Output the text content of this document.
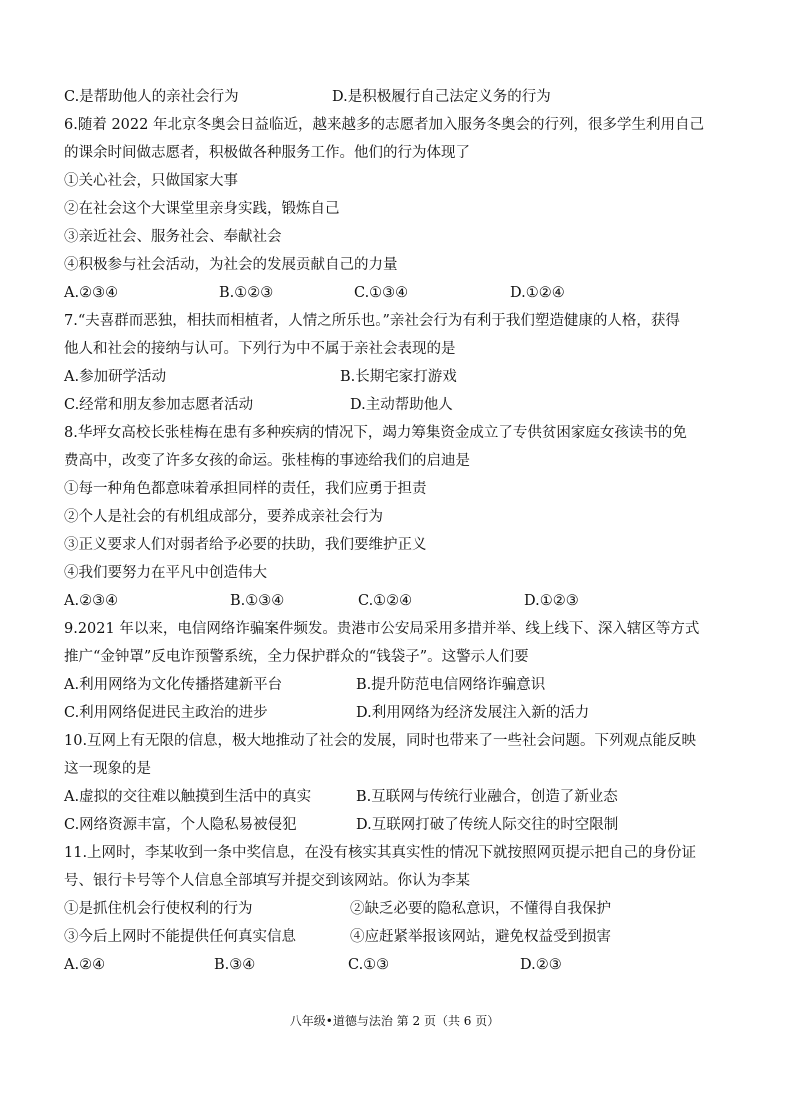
C.是帮助他人的亲社会行为	D.是积极履行自己法定义务的行为
6.随着 2022 年北京冬奥会日益临近，越来越多的志愿者加入服务冬奥会的行列，很多学生利用自己
的课余时间做志愿者，积极做各种服务工作。他们的行为体现了
①关心社会，只做国家大事
②在社会这个大课堂里亲身实践，锻炼自己
③亲近社会、服务社会、奉献社会
④积极参与社会活动，为社会的发展贡献自己的力量
A.②③④	B.①②③	C.①③④	D.①②④
7.“夫喜群而恶独，相扶而相植者，人情之所乐也。”亲社会行为有利于我们塑造健康的人格，获得
他人和社会的接纳与认可。下列行为中不属于亲社会表现的是
A.参加研学活动	B.长期宅家打游戏
C.经常和朋友参加志愿者活动	D.主动帮助他人
8.华坪女高校长张桂梅在患有多种疾病的情况下，竭力筹集资金成立了专供贫困家庭女孩读书的免
费高中，改变了许多女孩的命运。张桂梅的事迹给我们的启迪是
①每一种角色都意味着承担同样的责任，我们应勇于担责
②个人是社会的有机组成部分，要养成亲社会行为
③正义要求人们对弱者给予必要的扶助，我们要维护正义
④我们要努力在平凡中创造伟大
A.②③④	B.①③④	C.①②④	D.①②③
9.2021 年以来，电信网络诈骗案件频发。贵港市公安局采用多措并举、线上线下、深入辖区等方式
推广“金钟罩”反电诈预警系统，全力保护群众的“钱袋子”。这警示人们要
A.利用网络为文化传播搭建新平台	B.提升防范电信网络诈骗意识
C.利用网络促进民主政治的进步	D.利用网络为经济发展注入新的活力
10.互网上有无限的信息，极大地推动了社会的发展，同时也带来了一些社会问题。下列观点能反映
这一现象的是
A.虚拟的交往难以触摸到生活中的真实	B.互联网与传统行业融合，创造了新业态
C.网络资源丰富，个人隐私易被侵犯	D.互联网打破了传统人际交往的时空限制
11.上网时，李某收到一条中奖信息，在没有核实其真实性的情况下就按照网页提示把自己的身份证
号、银行卡号等个人信息全部填写并提交到该网站。你认为李某
①是抓住机会行使权利的行为	②缺乏必要的隐私意识，不懂得自我保护
③今后上网时不能提供任何真实信息	④应赶紧举报该网站，避免权益受到损害
A.②④	B.③④	C.①③	D.②③
八年级•道德与法治 第 2 页（共 6 页）
